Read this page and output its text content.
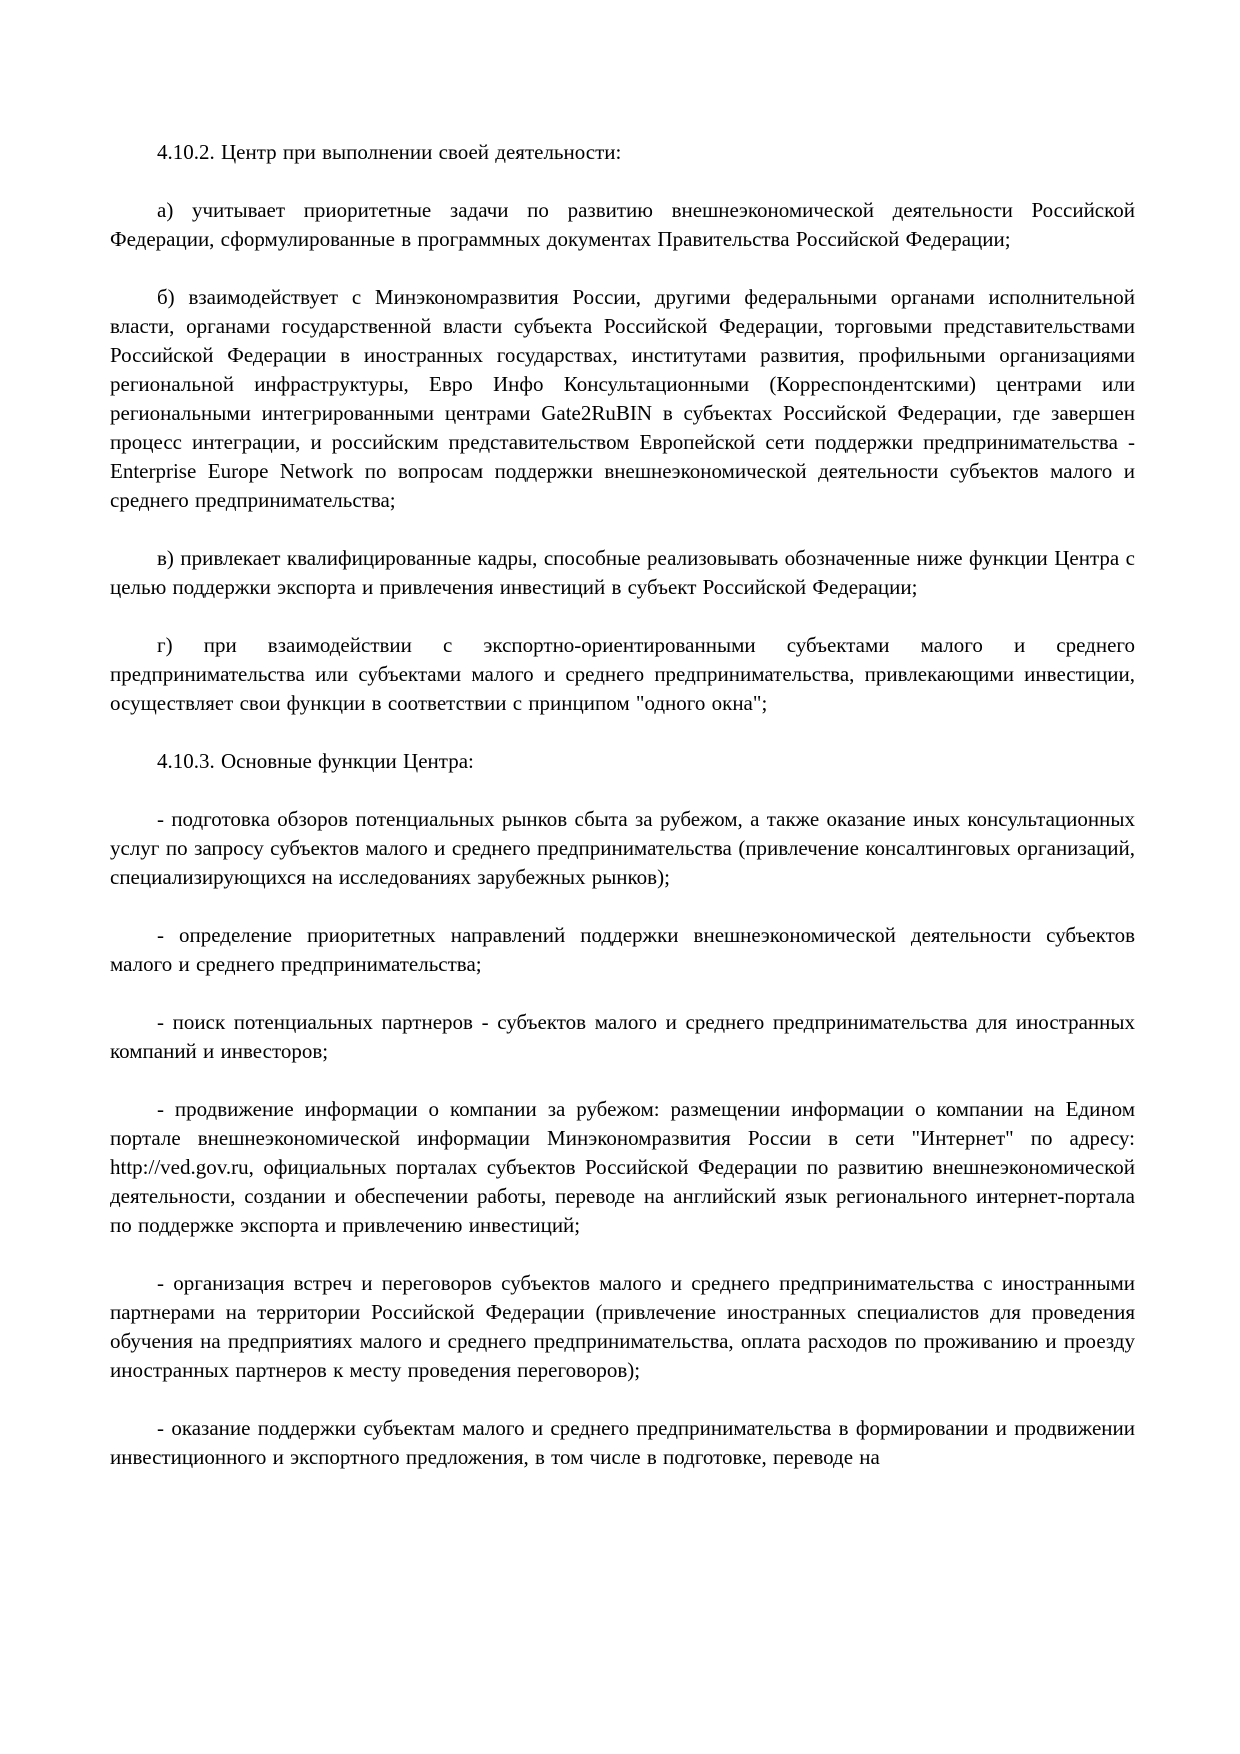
4.10.2. Центр при выполнении своей деятельности:

а) учитывает приоритетные задачи по развитию внешнеэкономической деятельности Российской Федерации, сформулированные в программных документах Правительства Российской Федерации;

б) взаимодействует с Минэкономразвития России, другими федеральными органами исполнительной власти, органами государственной власти субъекта Российской Федерации, торговыми представительствами Российской Федерации в иностранных государствах, институтами развития, профильными организациями региональной инфраструктуры, Евро Инфо Консультационными (Корреспондентскими) центрами или региональными интегрированными центрами Gate2RuBIN в субъектах Российской Федерации, где завершен процесс интеграции, и российским представительством Европейской сети поддержки предпринимательства - Enterprise Europe Network по вопросам поддержки внешнеэкономической деятельности субъектов малого и среднего предпринимательства;

в) привлекает квалифицированные кадры, способные реализовывать обозначенные ниже функции Центра с целью поддержки экспорта и привлечения инвестиций в субъект Российской Федерации;

г) при взаимодействии с экспортно-ориентированными субъектами малого и среднего предпринимательства или субъектами малого и среднего предпринимательства, привлекающими инвестиции, осуществляет свои функции в соответствии с принципом "одного окна";

4.10.3. Основные функции Центра:

- подготовка обзоров потенциальных рынков сбыта за рубежом, а также оказание иных консультационных услуг по запросу субъектов малого и среднего предпринимательства (привлечение консалтинговых организаций, специализирующихся на исследованиях зарубежных рынков);

- определение приоритетных направлений поддержки внешнеэкономической деятельности субъектов малого и среднего предпринимательства;

- поиск потенциальных партнеров - субъектов малого и среднего предпринимательства для иностранных компаний и инвесторов;

- продвижение информации о компании за рубежом: размещении информации о компании на Едином портале внешнеэкономической информации Минэкономразвития России в сети "Интернет" по адресу: http://ved.gov.ru, официальных порталах субъектов Российской Федерации по развитию внешнеэкономической деятельности, создании и обеспечении работы, переводе на английский язык регионального интернет-портала по поддержке экспорта и привлечению инвестиций;

- организация встреч и переговоров субъектов малого и среднего предпринимательства с иностранными партнерами на территории Российской Федерации (привлечение иностранных специалистов для проведения обучения на предприятиях малого и среднего предпринимательства, оплата расходов по проживанию и проезду иностранных партнеров к месту проведения переговоров);

- оказание поддержки субъектам малого и среднего предпринимательства в формировании и продвижении инвестиционного и экспортного предложения, в том числе в подготовке, переводе на
